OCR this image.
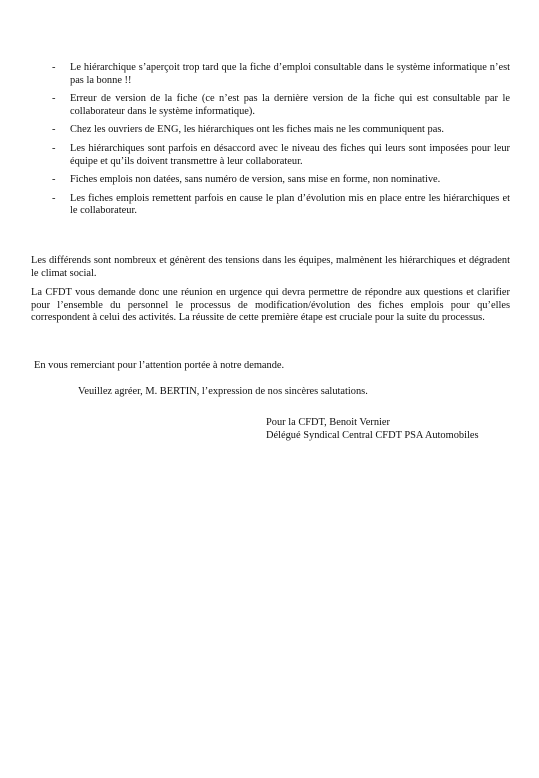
- Le hiérarchique s’aperçoit trop tard que la fiche d’emploi consultable dans le système informatique n’est pas la bonne !!
- Erreur de version de la fiche (ce n’est pas la dernière version de la fiche qui est consultable par le collaborateur dans le système informatique).
- Chez les ouvriers de ENG, les hiérarchiques ont les fiches mais ne les communiquent pas.
- Les hiérarchiques sont parfois en désaccord avec le niveau des fiches qui leurs sont imposées pour leur équipe et qu’ils doivent transmettre à leur collaborateur.
- Fiches emplois non datées, sans numéro de version, sans mise en forme, non nominative.
- Les fiches emplois remettent parfois en cause le plan d’évolution mis en place entre les hiérarchiques et le collaborateur.

Les différends sont nombreux et génèrent des tensions dans les équipes, malmènent les hiérarchiques et dégradent le climat social.

La CFDT vous demande donc une réunion en urgence qui devra permettre de répondre aux questions et clarifier pour l’ensemble du personnel le processus de modification/évolution des fiches emplois pour qu’elles correspondent à celui des activités. La réussite de cette première étape est cruciale pour la suite du processus.

En vous remerciant pour l’attention portée à notre demande.

Veuillez agréer, M. BERTIN, l’expression de nos sincères salutations.

Pour la CFDT, Benoit Vernier
Délégué Syndical Central CFDT PSA Automobiles
